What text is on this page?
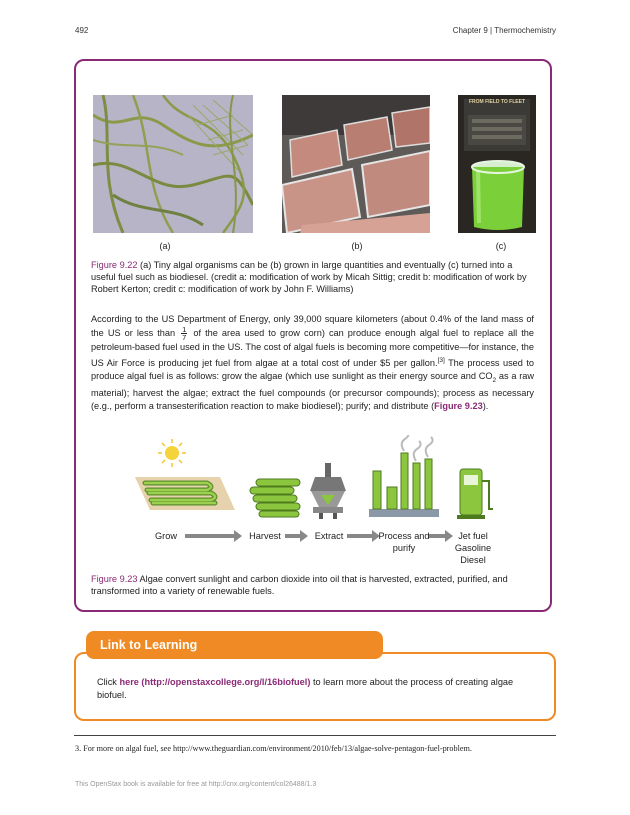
492	Chapter 9 | Thermochemistry
FROM FIELD TO FLEET
(a)	(b)	(c)
Figure 9.22 (a) Tiny algal organisms can be (b) grown in large quantities and eventually (c) turned into a useful fuel such as biodiesel. (credit a: modification of work by Micah Sittig; credit b: modification of work by Robert Kerton; credit c: modification of work by John F. Williams)
According to the US Department of Energy, only 39,000 square kilometers (about 0.4% of the land mass of the US or less than $\frac{1}{7}$ of the area used to grow corn) can produce enough algal fuel to replace all the petroleum-based fuel used in the US. The cost of algal fuels is becoming more competitive—for instance, the US Air Force is producing jet fuel from algae at a total cost of under $5 per gallon.[3] The process used to produce algal fuel is as follows: grow the algae (which use sunlight as their energy source and $CO_2$ as a raw material); harvest the algae; extract the fuel compounds (or precursor compounds); process as necessary (e.g., perform a transesterification reaction to make biodiesel); purify; and distribute (Figure 9.23).
Grow	Harvest	Extract	Process and purify
Jet fuel Gasoline Diesel
Figure 9.23 Algae convert sunlight and carbon dioxide into oil that is harvested, extracted, purified, and transformed into a variety of renewable fuels.
Link to Learning
Click here (http://openstaxcollege.org/l/16biofuel) to learn more about the process of creating algae biofuel.
3. For more on algal fuel, see http://www.theguardian.com/environment/2010/feb/13/algae-solve-pentagon-fuel-problem.
This OpenStax book is available for free at http://cnx.org/content/col26488/1.3
